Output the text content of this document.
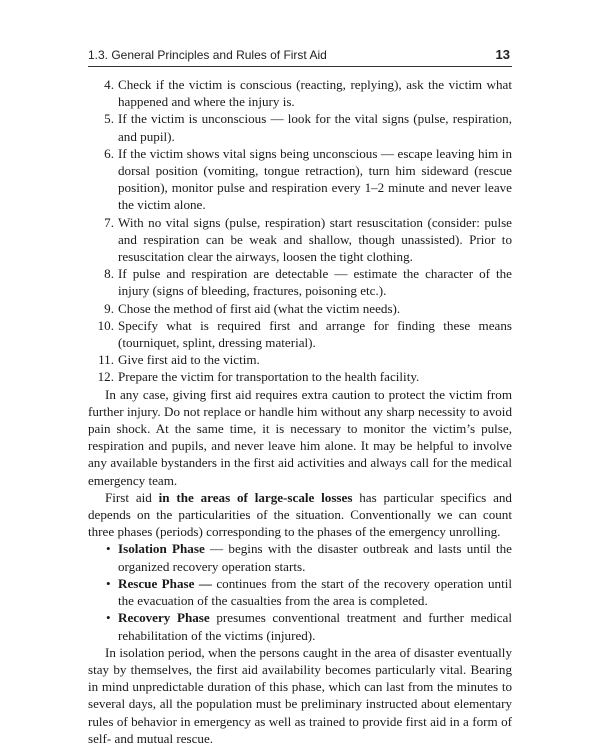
1.3. General Principles and Rules of First Aid	13
4. Check if the victim is conscious (reacting, replying), ask the victim what happened and where the injury is.
5. If the victim is unconscious — look for the vital signs (pulse, respiration, and pupil).
6. If the victim shows vital signs being unconscious — escape leaving him in dorsal position (vomiting, tongue retraction), turn him sideward (rescue position), monitor pulse and respiration every 1–2 minute and never leave the victim alone.
7. With no vital signs (pulse, respiration) start resuscitation (consider: pulse and respiration can be weak and shallow, though unassisted). Prior to resuscitation clear the airways, loosen the tight clothing.
8. If pulse and respiration are detectable — estimate the character of the injury (signs of bleeding, fractures, poisoning etc.).
9. Chose the method of first aid (what the victim needs).
10. Specify what is required first and arrange for finding these means (tourniquet, splint, dressing material).
11. Give first aid to the victim.
12. Prepare the victim for transportation to the health facility.

In any case, giving first aid requires extra caution to protect the victim from further injury. Do not replace or handle him without any sharp necessity to avoid pain shock. At the same time, it is necessary to monitor the victim’s pulse, respiration and pupils, and never leave him alone. It may be helpful to involve any available bystanders in the first aid activities and always call for the medical emergency team.

First aid in the areas of large-scale losses has particular specifics and depends on the particularities of the situation. Conventionally we can count three phases (periods) corresponding to the phases of the emergency unrolling.

• Isolation Phase — begins with the disaster outbreak and lasts until the organized recovery operation starts.
• Rescue Phase — continues from the start of the recovery operation until the evacuation of the casualties from the area is completed.
• Recovery Phase presumes conventional treatment and further medical rehabilitation of the victims (injured).

In isolation period, when the persons caught in the area of disaster eventually stay by themselves, the first aid availability becomes particularly vital. Bearing in mind unpredictable duration of this phase, which can last from the minutes to several days, all the population must be preliminary instructed about elementary rules of behavior in emergency as well as trained to provide first aid in a form of self- and mutual rescue.
